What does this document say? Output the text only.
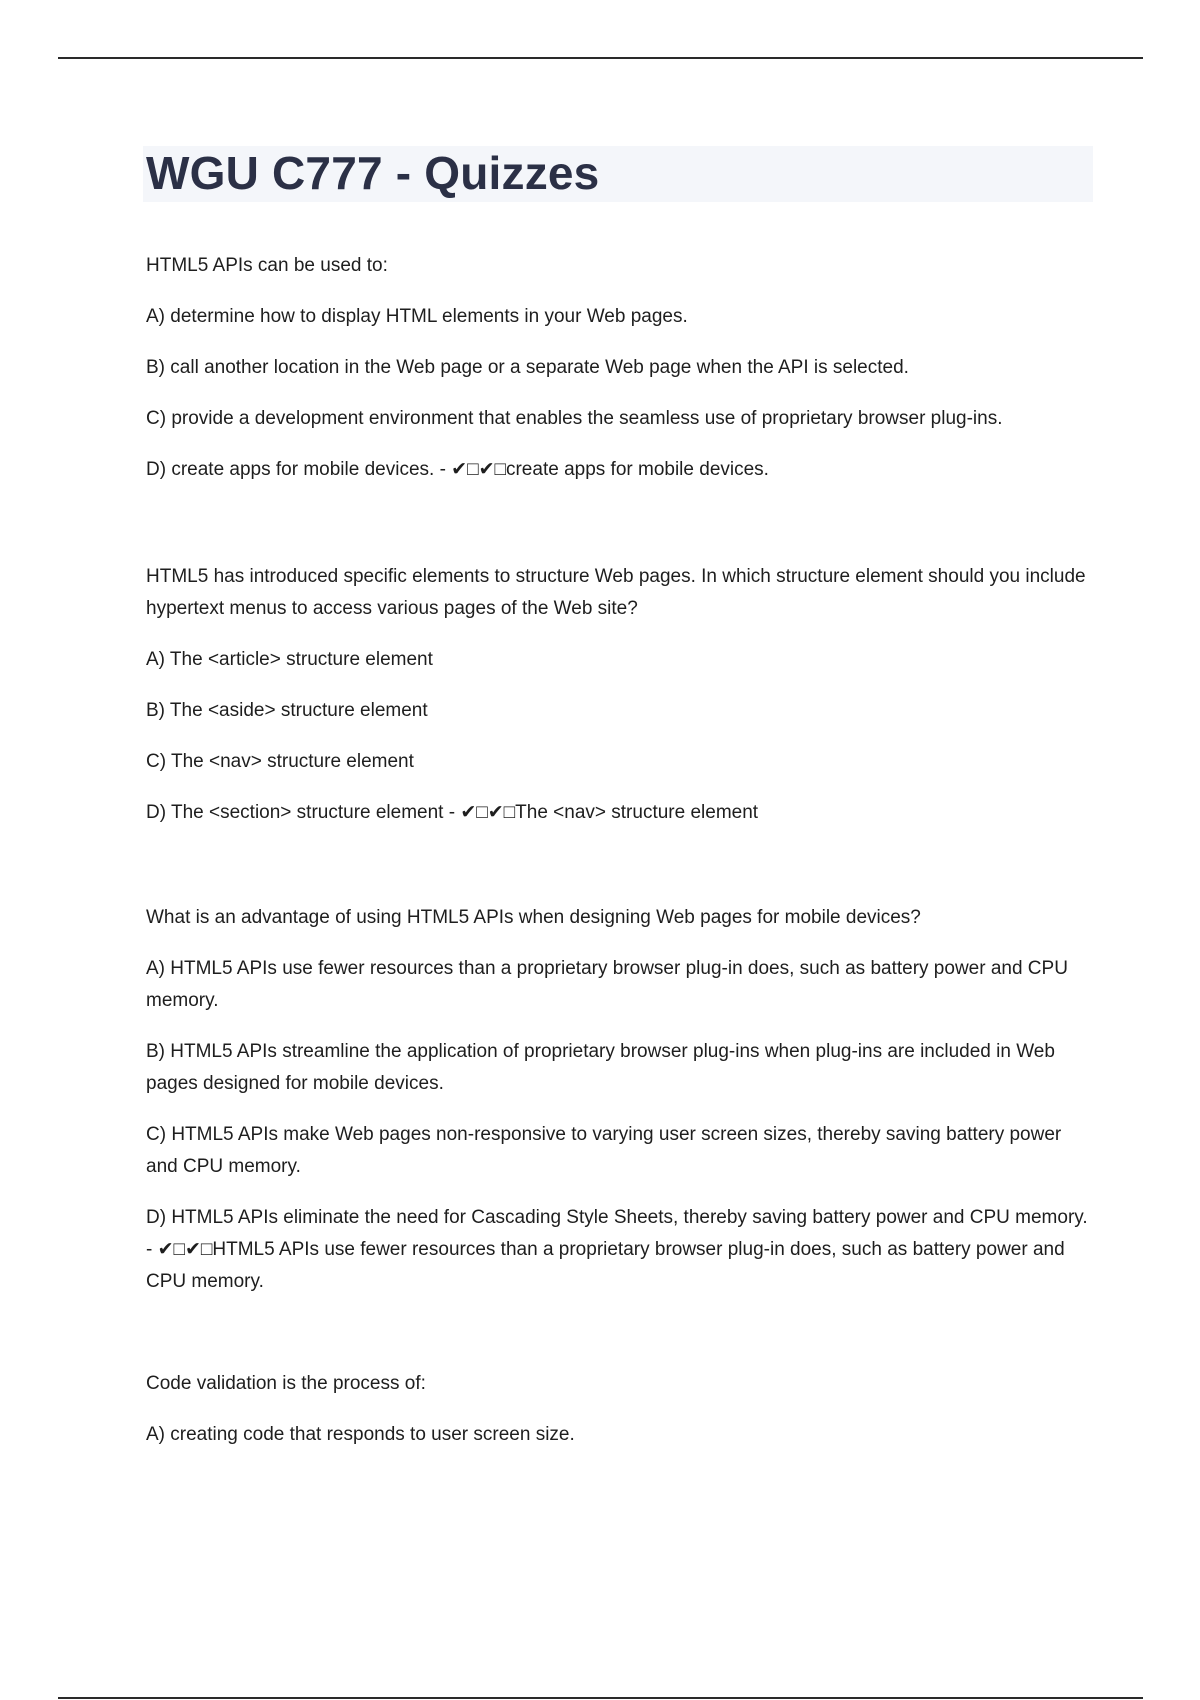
WGU C777 - Quizzes

HTML5 APIs can be used to:

A) determine how to display HTML elements in your Web pages.

B) call another location in the Web page or a separate Web page when the API is selected.

C) provide a development environment that enables the seamless use of proprietary browser plug-ins.

D) create apps for mobile devices. - ✔□✔□create apps for mobile devices.

HTML5 has introduced specific elements to structure Web pages. In which structure element should you include hypertext menus to access various pages of the Web site?

A) The <article> structure element

B) The <aside> structure element

C) The <nav> structure element

D) The <section> structure element - ✔□✔□The <nav> structure element

What is an advantage of using HTML5 APIs when designing Web pages for mobile devices?

A) HTML5 APIs use fewer resources than a proprietary browser plug-in does, such as battery power and CPU memory.

B) HTML5 APIs streamline the application of proprietary browser plug-ins when plug-ins are included in Web pages designed for mobile devices.

C) HTML5 APIs make Web pages non-responsive to varying user screen sizes, thereby saving battery power and CPU memory.

D) HTML5 APIs eliminate the need for Cascading Style Sheets, thereby saving battery power and CPU memory. - ✔□✔□HTML5 APIs use fewer resources than a proprietary browser plug-in does, such as battery power and CPU memory.

Code validation is the process of:

A) creating code that responds to user screen size.
